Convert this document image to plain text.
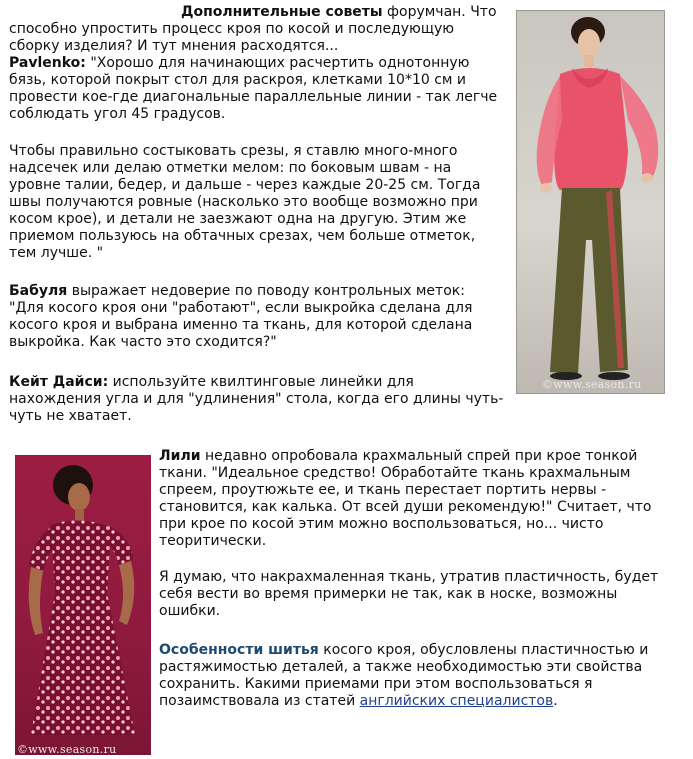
Дополнительные советы форумчан. Что
способно упростить процесс кроя по косой и последующую
сборку изделия? И тут мнения расходятся...

Pavlenko: "Хорошо для начинающих расчертить однотонную
бязь, которой покрыт стол для раскроя, клетками 10*10 см и
провести кое-где диагональные параллельные линии - так легче
соблюдать угол 45 градусов.

Чтобы правильно состыковать срезы, я ставлю много-много
надсечек или делаю отметки мелом: по боковым швам - на
уровне талии, бедер, и дальше - через каждые 20-25 см. Тогда
швы получаются ровные (насколько это вообще возможно при
косом крое), и детали не заезжают одна на другую. Этим же
приемом пользуюсь на обтачных срезах, чем больше отметок,
тем лучше. "

Бабуля выражает недоверие по поводу контрольных меток:
"Для косого кроя они "работают", если выкройка сделана для
косого кроя и выбрана именно та ткань, для которой сделана
выкройка. Как часто это сходится?"

Кейт Дайси: используйте квилтинговые линейки для
нахождения угла и для "удлинения" стола, когда его длины чуть-
чуть не хватает.

Лили недавно опробовала крахмальный спрей при крое тонкой
ткани. "Идеальное средство! Обработайте ткань крахмальным
спреем, проутюжьте ее, и ткань перестает портить нервы -
становится, как калька. От всей души рекомендую!" Считает, что
при крое по косой этим можно воспользоваться, но... чисто
теоритически.

Я думаю, что накрахмаленная ткань, утратив пластичность, будет
себя вести во время примерки не так, как в носке, возможны
ошибки.

Особенности шитья косого кроя, обусловлены пластичностью и
растяжимостью деталей, а также необходимостью эти свойства
сохранить. Какими приемами при этом воспользоваться я
позаимствовала из статей английских специалистов.

©www.season.ru
©www.season.ru
